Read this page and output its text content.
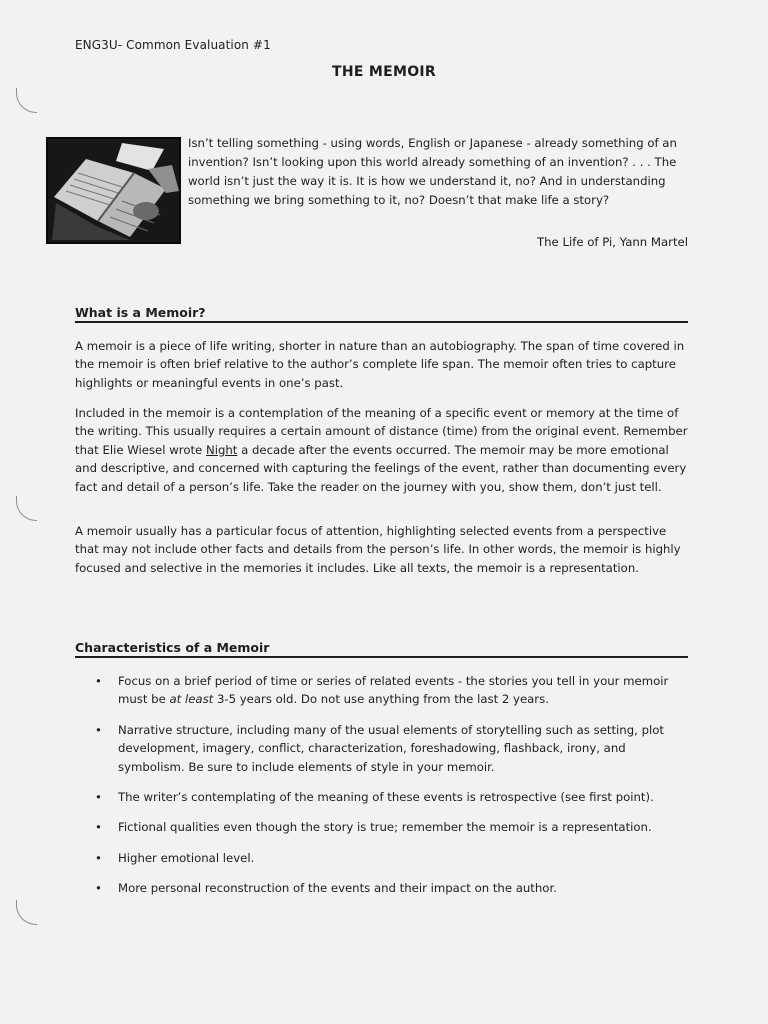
ENG3U- Common Evaluation #1
THE MEMOIR
Isn’t telling something - using words, English or Japanese - already something of an invention? Isn’t looking upon this world already something of an invention? . . . The world isn’t just the way it is. It is how we understand it, no? And in understanding something we bring something to it, no? Doesn’t that make life a story?
The Life of Pi, Yann Martel
What is a Memoir?

A memoir is a piece of life writing, shorter in nature than an autobiography. The span of time covered in the memoir is often brief relative to the author’s complete life span. The memoir often tries to capture highlights or meaningful events in one’s past.

Included in the memoir is a contemplation of the meaning of a specific event or memory at the time of the writing. This usually requires a certain amount of distance (time) from the original event. Remember that Elie Wiesel wrote Night a decade after the events occurred. The memoir may be more emotional and descriptive, and concerned with capturing the feelings of the event, rather than documenting every fact and detail of a person’s life. Take the reader on the journey with you, show them, don’t just tell.

A memoir usually has a particular focus of attention, highlighting selected events from a perspective that may not include other facts and details from the person’s life. In other words, the memoir is highly focused and selective in the memories it includes. Like all texts, the memoir is a representation.

Characteristics of a Memoir
• Focus on a brief period of time or series of related events - the stories you tell in your memoir must be at least 3-5 years old. Do not use anything from the last 2 years.
• Narrative structure, including many of the usual elements of storytelling such as setting, plot development, imagery, conflict, characterization, foreshadowing, flashback, irony, and symbolism. Be sure to include elements of style in your memoir.
• The writer’s contemplating of the meaning of these events is retrospective (see first point).
• Fictional qualities even though the story is true; remember the memoir is a representation.
• Higher emotional level.
• More personal reconstruction of the events and their impact on the author.
